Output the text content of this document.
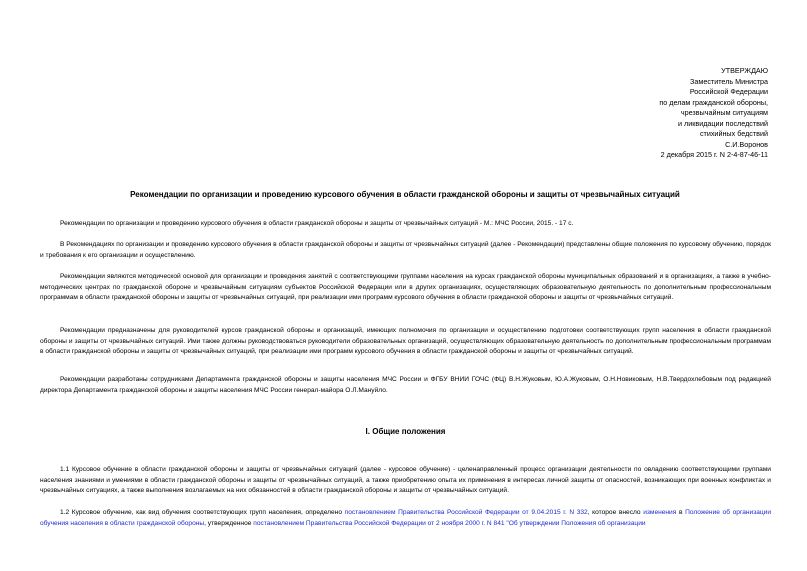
УТВЕРЖДАЮ
Заместитель Министра
Российской Федерации
по делам гражданской обороны,
чрезвычайным ситуациям
и ликвидации последствий
стихийных бедствий
С.И.Воронов
2 декабря 2015 г. N 2-4-87-46-11
Рекомендации по организации и проведению курсового обучения в области гражданской обороны и защиты от чрезвычайных ситуаций

Рекомендации по организации и проведению курсового обучения в области гражданской обороны и защиты от чрезвычайных ситуаций - М.: МЧС России, 2015. - 17 с.

В Рекомендациях по организации и проведению курсового обучения в области гражданской обороны и защиты от чрезвычайных ситуаций (далее - Рекомендации) представлены общие положения по курсовому обучению, порядок и требования к его организации и осуществлению.

Рекомендации являются методической основой для организации и проведения занятий с соответствующими группами населения на курсах гражданской обороны муниципальных образований и в организациях, а также в учебно-методических центрах по гражданской обороне и чрезвычайным ситуациям субъектов Российской Федерации или в других организациях, осуществляющих образовательную деятельность по дополнительным профессиональным программам в области гражданской обороны и защиты от чрезвычайных ситуаций, при реализации ими программ курсового обучения в области гражданской обороны и защиты от чрезвычайных ситуаций.

Рекомендации предназначены для руководителей курсов гражданской обороны и организаций, имеющих полномочия по организации и осуществлению подготовки соответствующих групп населения в области гражданской обороны и защиты от чрезвычайных ситуаций. Ими также должны руководствоваться руководители образовательных организаций, осуществляющих образовательную деятельность по дополнительным профессиональным программам в области гражданской обороны и защиты от чрезвычайных ситуаций, при реализации ими программ курсового обучения в области гражданской обороны и защиты от чрезвычайных ситуаций.

Рекомендации разработаны сотрудниками Департамента гражданской обороны и защиты населения МЧС России и ФГБУ ВНИИ ГОЧС (ФЦ) В.Н.Жуковым, Ю.А.Жуковым, О.Н.Новиковым, Н.В.Твердохлебовым под редакцией директора Департамента гражданской обороны и защиты населения МЧС России генерал-майора О.Л.Мануйло.

I. Общие положения

1.1 Курсовое обучение в области гражданской обороны и защиты от чрезвычайных ситуаций (далее - курсовое обучение) - целенаправленный процесс организации деятельности по овладению соответствующими группами населения знаниями и умениями в области гражданской обороны и защиты от чрезвычайных ситуаций, а также приобретению опыта их применения в интересах личной защиты от опасностей, возникающих при военных конфликтах и чрезвычайных ситуациях, а также выполнения возлагаемых на них обязанностей в области гражданской обороны и защиты от чрезвычайных ситуаций.

1.2 Курсовое обучение, как вид обучения соответствующих групп населения, определено постановлением Правительства Российской Федерации от 9.04.2015 г. N 332, которое внесло изменения в Положение об организации обучения населения в области гражданской обороны, утвержденное постановлением Правительства Российской Федерации от 2 ноября 2000 г. N 841 "Об утверждении Положения об организации
